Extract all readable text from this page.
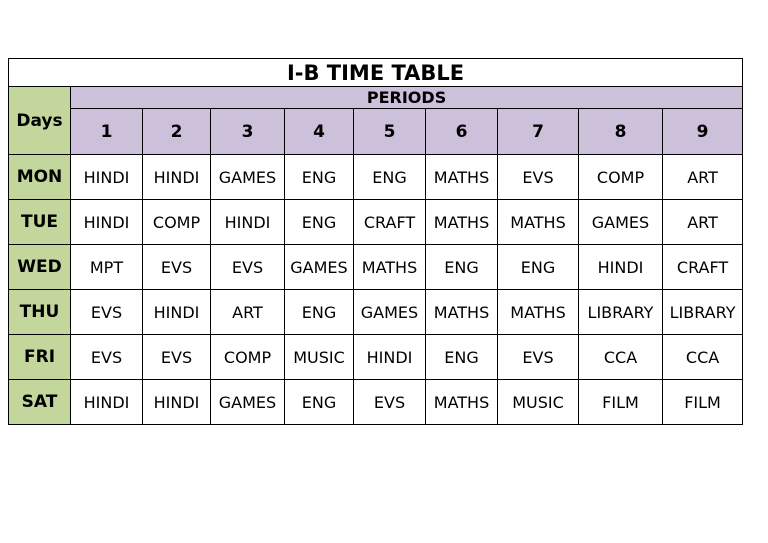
I-B TIME TABLE									
Days	PERIODS								
	1	2	3	4	5	6	7	8	9
MON	HINDI	HINDI	GAMES	ENG	ENG	MATHS	EVS	COMP	ART
TUE	HINDI	COMP	HINDI	ENG	CRAFT	MATHS	MATHS	GAMES	ART
WED	MPT	EVS	EVS	GAMES	MATHS	ENG	ENG	HINDI	CRAFT
THU	EVS	HINDI	ART	ENG	GAMES	MATHS	MATHS	LIBRARY	LIBRARY
FRI	EVS	EVS	COMP	MUSIC	HINDI	ENG	EVS	CCA	CCA
SAT	HINDI	HINDI	GAMES	ENG	EVS	MATHS	MUSIC	FILM	FILM
